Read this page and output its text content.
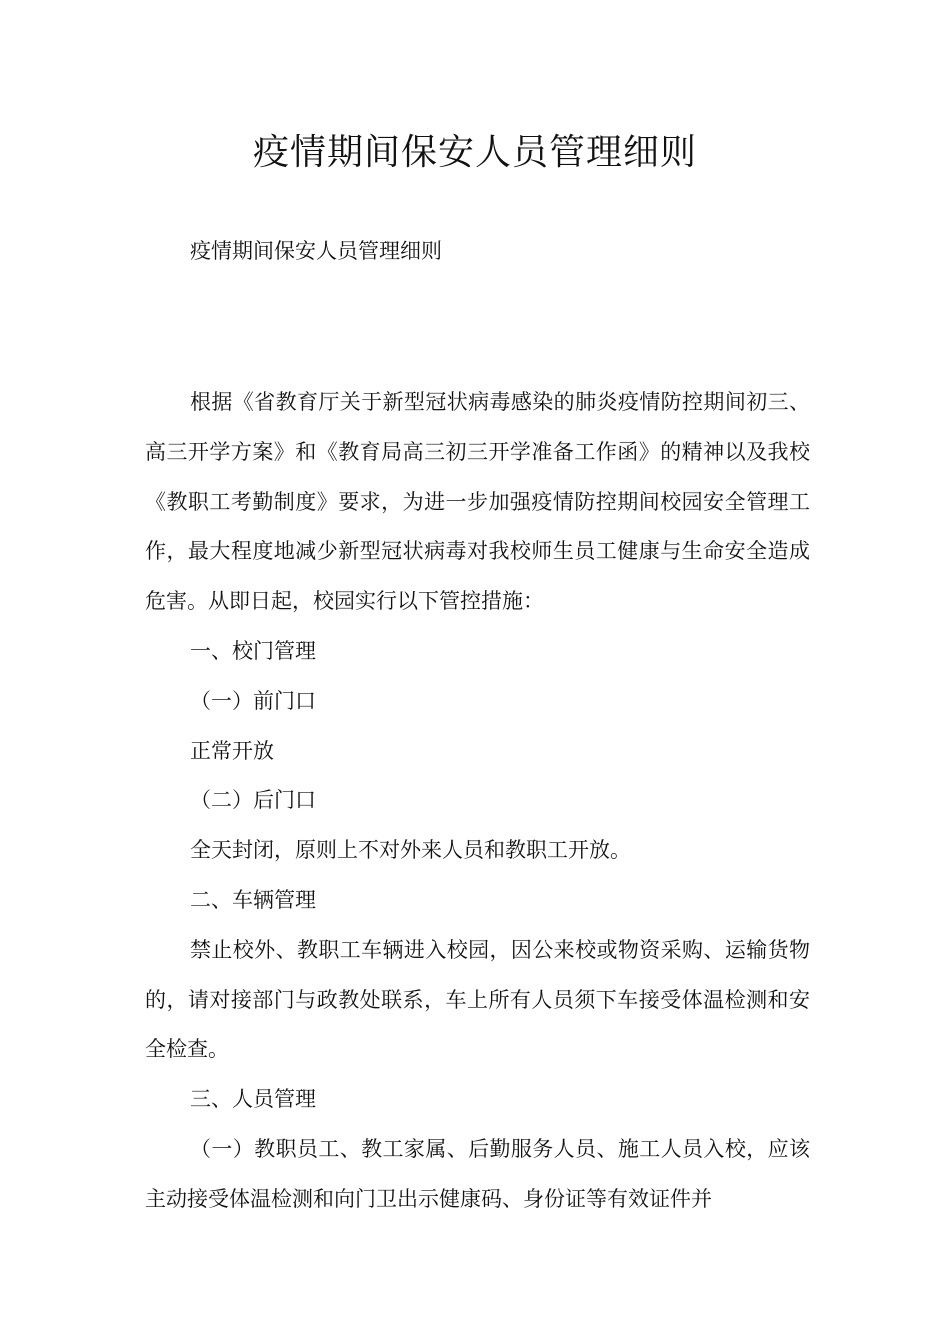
疫情期间保安人员管理细则

疫情期间保安人员管理细则

根据《省教育厅关于新型冠状病毒感染的肺炎疫情防控期间初三、高三开学方案》和《教育局高三初三开学准备工作函》的精神以及我校《教职工考勤制度》要求，为进一步加强疫情防控期间校园安全管理工作，最大程度地减少新型冠状病毒对我校师生员工健康与生命安全造成危害。从即日起，校园实行以下管控措施：

一、校门管理

（一）前门口

正常开放

（二）后门口

全天封闭，原则上不对外来人员和教职工开放。

二、车辆管理

禁止校外、教职工车辆进入校园，因公来校或物资采购、运输货物的，请对接部门与政教处联系，车上所有人员须下车接受体温检测和安全检查。

三、人员管理

（一）教职员工、教工家属、后勤服务人员、施工人员入校，应该主动接受体温检测和向门卫出示健康码、身份证等有效证件并
